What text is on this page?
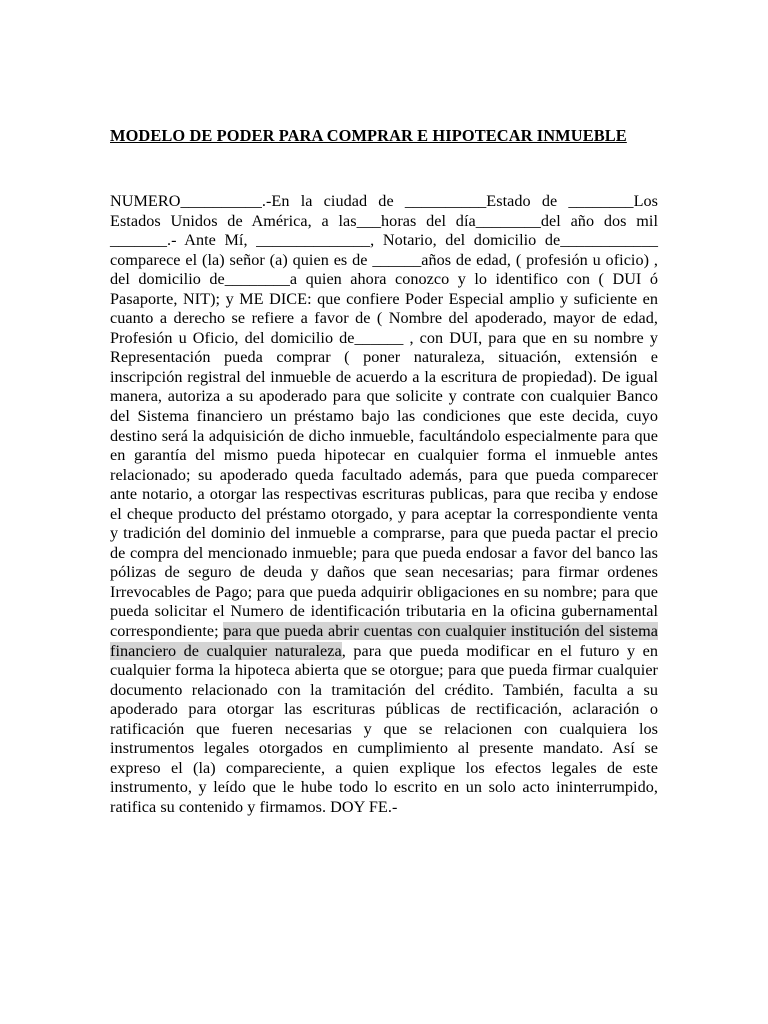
MODELO DE PODER PARA COMPRAR E HIPOTECAR INMUEBLE

NUMERO__________.-En la ciudad de __________Estado de ________Los Estados Unidos de América, a las___horas del día________del año dos mil _______.- Ante Mí, ______________, Notario, del domicilio de____________ comparece el (la) señor (a) quien es de ______años de edad, ( profesión u oficio) , del domicilio de________a quien ahora conozco y lo identifico con ( DUI ó Pasaporte, NIT); y ME DICE: que confiere Poder Especial amplio y suficiente en cuanto a derecho se refiere a favor de ( Nombre del apoderado, mayor de edad, Profesión u Oficio, del domicilio de______ , con DUI, para que en su nombre y Representación pueda comprar ( poner naturaleza, situación, extensión e inscripción registral del inmueble de acuerdo a la escritura de propiedad). De igual manera, autoriza a su apoderado para que solicite y contrate con cualquier Banco del Sistema financiero un préstamo bajo las condiciones que este decida, cuyo destino será la adquisición de dicho inmueble, facultándolo especialmente para que en garantía del mismo pueda hipotecar en cualquier forma el inmueble antes relacionado; su apoderado queda facultado además, para que pueda comparecer ante notario, a otorgar las respectivas escrituras publicas, para que reciba y endose el cheque producto del préstamo otorgado, y para aceptar la correspondiente venta y tradición del dominio del inmueble a comprarse, para que pueda pactar el precio de compra del mencionado inmueble; para que pueda endosar a favor del banco las pólizas de seguro de deuda y daños que sean necesarias; para firmar ordenes Irrevocables de Pago; para que pueda adquirir obligaciones en su nombre; para que pueda solicitar el Numero de identificación tributaria en la oficina gubernamental correspondiente; para que pueda abrir cuentas con cualquier institución del sistema financiero de cualquier naturaleza, para que pueda modificar en el futuro y en cualquier forma la hipoteca abierta que se otorgue; para que pueda firmar cualquier documento relacionado con la tramitación del crédito. También, faculta a su apoderado para otorgar las escrituras públicas de rectificación, aclaración o ratificación que fueren necesarias y que se relacionen con cualquiera los instrumentos legales otorgados en cumplimiento al presente mandato. Así se expreso el (la) compareciente, a quien explique los efectos legales de este instrumento, y leído que le hube todo lo escrito en un solo acto ininterrumpido, ratifica su contenido y firmamos. DOY FE.-
